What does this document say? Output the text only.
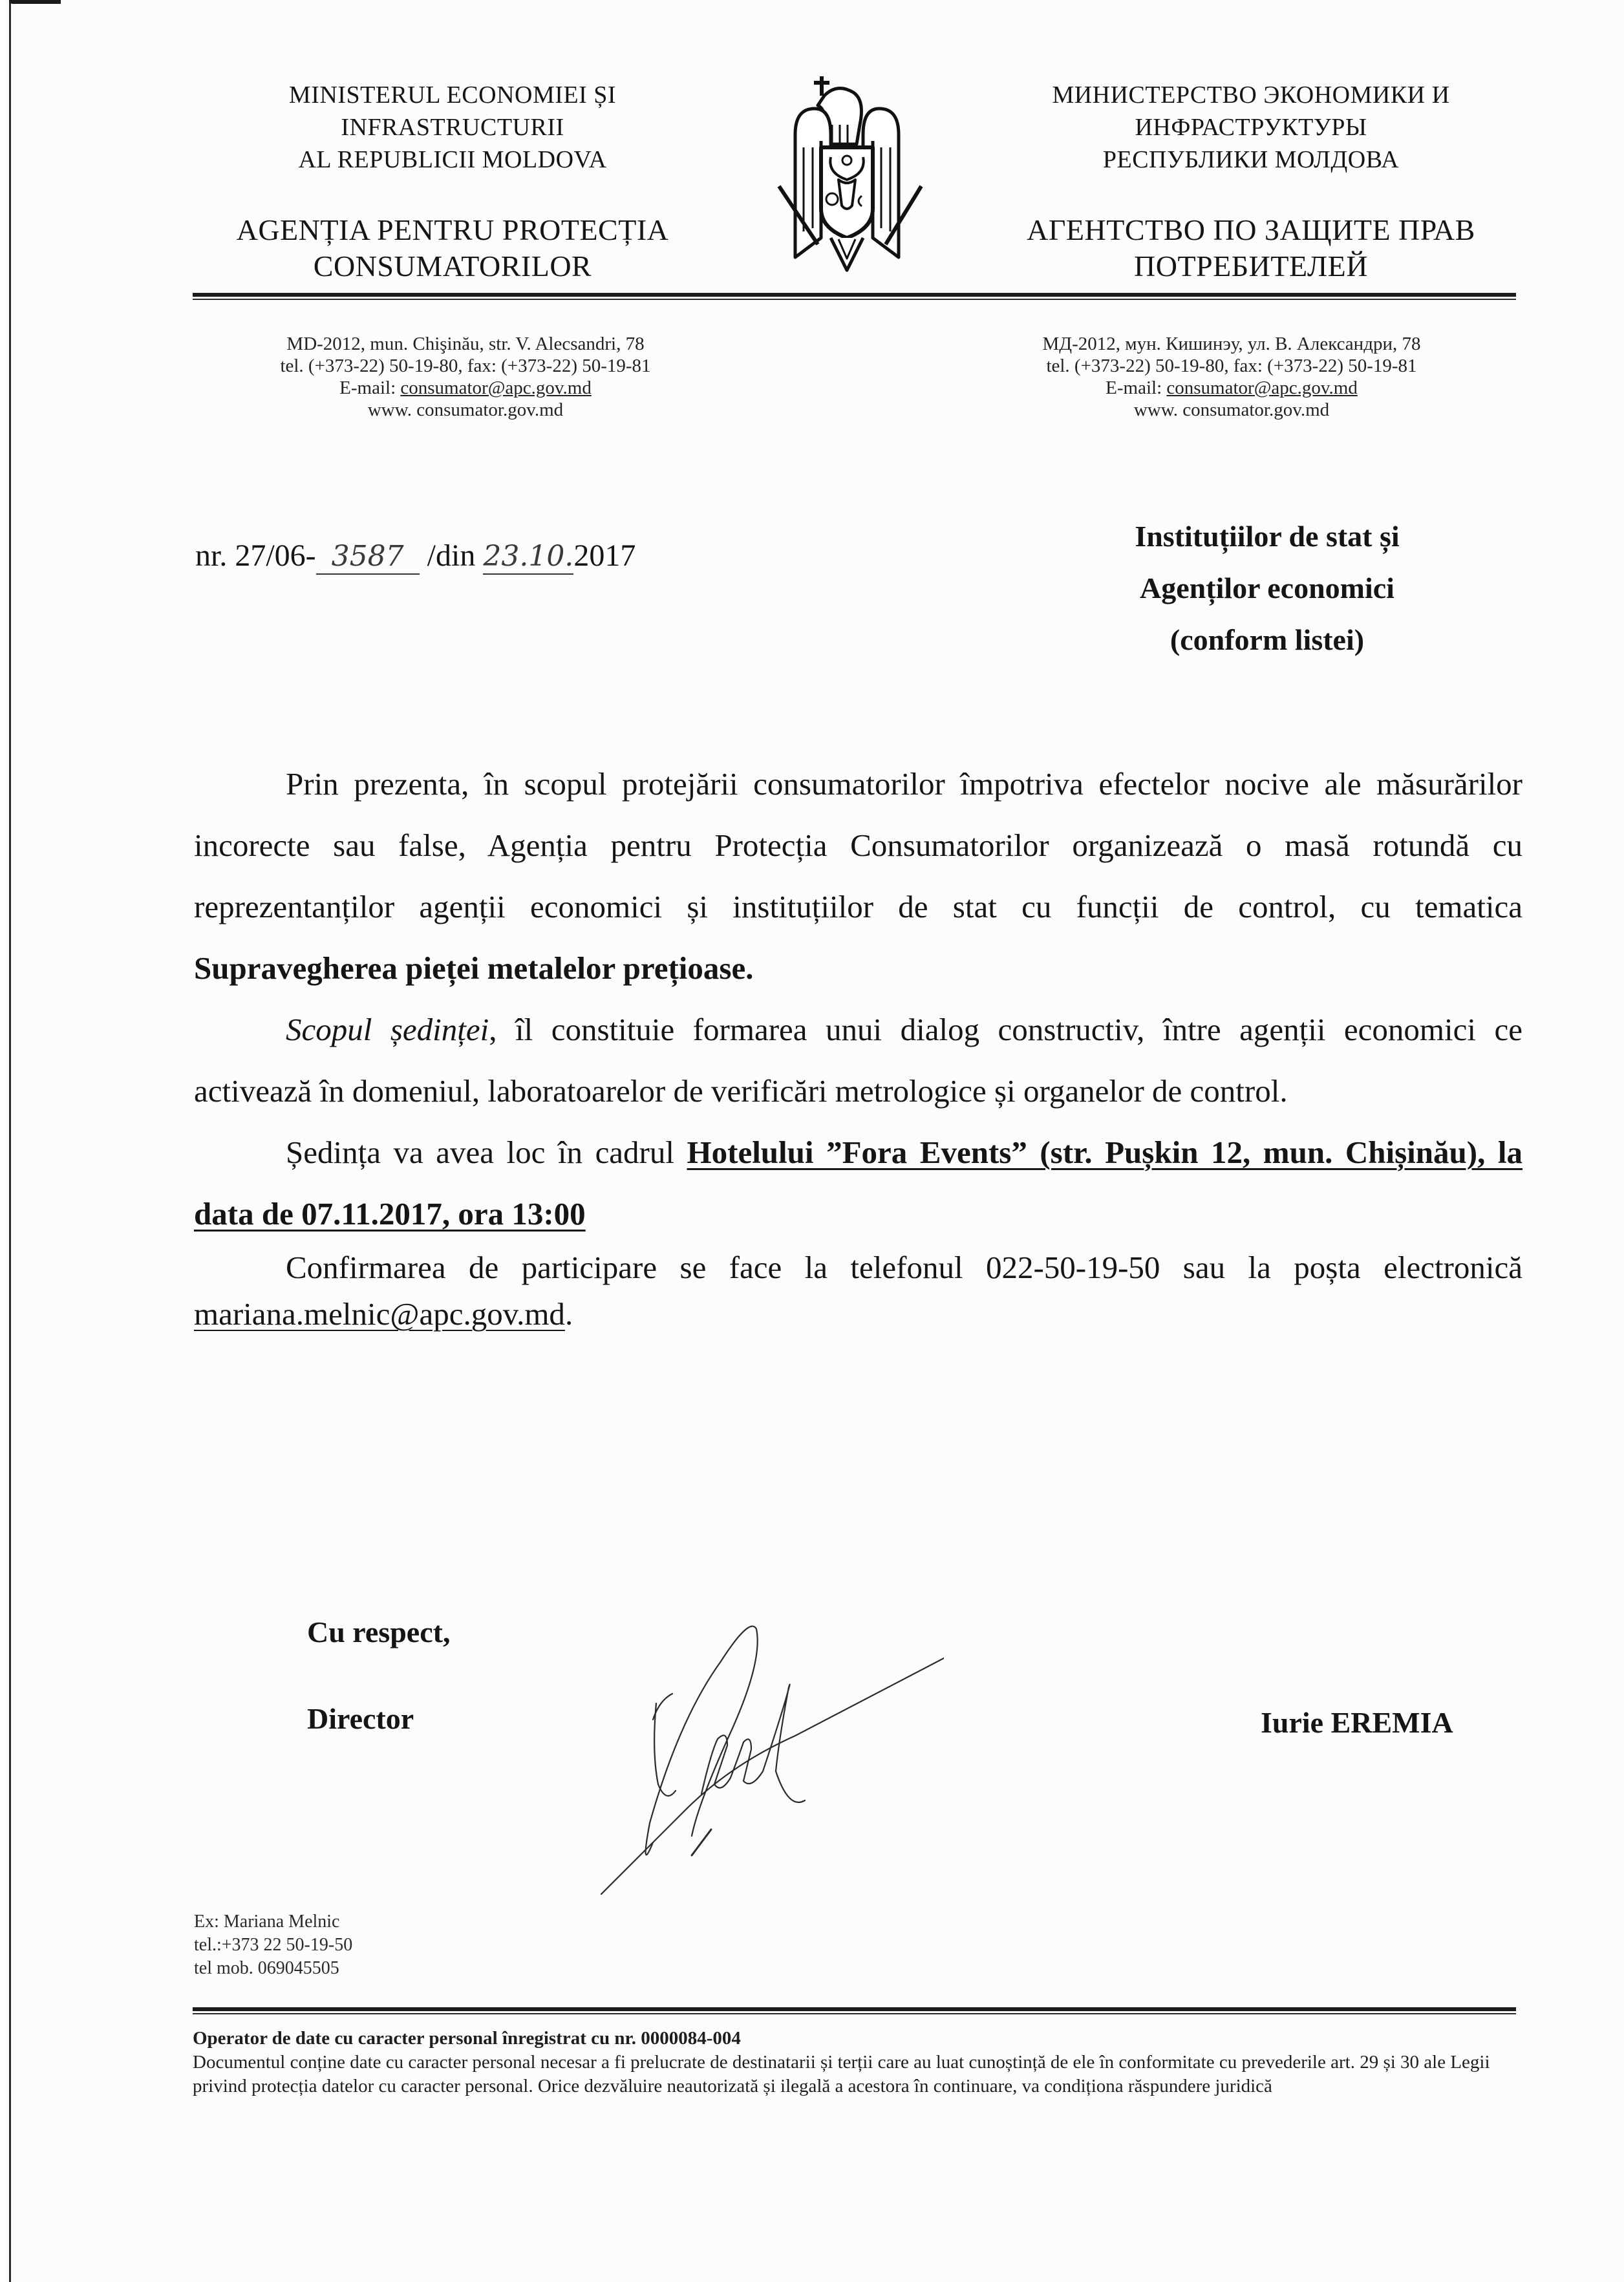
MINISTERUL ECONOMIEI ȘI
INFRASTRUCTURII
AL REPUBLICII MOLDOVA
AGENȚIA PENTRU PROTECȚIA
CONSUMATORILOR
МИНИСТЕРСТВО ЭКОНОМИКИ И
ИНФРАСТРУКТУРЫ
РЕСПУБЛИКИ МОЛДОВА
АГЕНТСТВО ПО ЗАЩИТЕ ПРАВ
ПОТРЕБИТЕЛЕЙ
MD-2012, mun. Chişinău, str. V. Alecsandri, 78
tel. (+373-22) 50-19-80, fax: (+373-22) 50-19-81
E-mail: consumator@apc.gov.md
www. consumator.gov.md
МД-2012, мун. Кишинэу, ул. В. Александри, 78
tel. (+373-22) 50-19-80, fax: (+373-22) 50-19-81
E-mail: consumator@apc.gov.md
www. consumator.gov.md
nr. 27/06- 3587 /din 23.10.2017
Instituțiilor de stat și
Agenților economici
(conform listei)

Prin prezenta, în scopul protejării consumatorilor împotriva efectelor nocive ale măsurărilor incorecte sau false, Agenția pentru Protecția Consumatorilor organizează o masă rotundă cu reprezentanților agenții economici și instituțiilor de stat cu funcții de control, cu tematica Supravegherea pieței metalelor prețioase.

Scopul ședinței, îl constituie formarea unui dialog constructiv, între agenții economici ce activează în domeniul, laboratoarelor de verificări metrologice și organelor de control.

Ședința va avea loc în cadrul Hotelului ”Fora Events” (str. Pușkin 12, mun. Chișinău), la data de 07.11.2017, ora 13:00

Confirmarea de participare se face la telefonul 022-50-19-50 sau la poșta electronică mariana.melnic@apc.gov.md.

Cu respect,
Director	Iurie EREMIA
Ex: Mariana Melnic
tel.:+373 22 50-19-50
tel mob. 069045505
Operator de date cu caracter personal înregistrat cu nr. 0000084-004
Documentul conține date cu caracter personal necesar a fi prelucrate de destinatarii și terții care au luat cunoștință de ele în conformitate cu prevederile art. 29 și 30 ale Legii privind protecția datelor cu caracter personal. Orice dezvăluire neautorizată și ilegală a acestora în continuare, va condiționa răspundere juridică
